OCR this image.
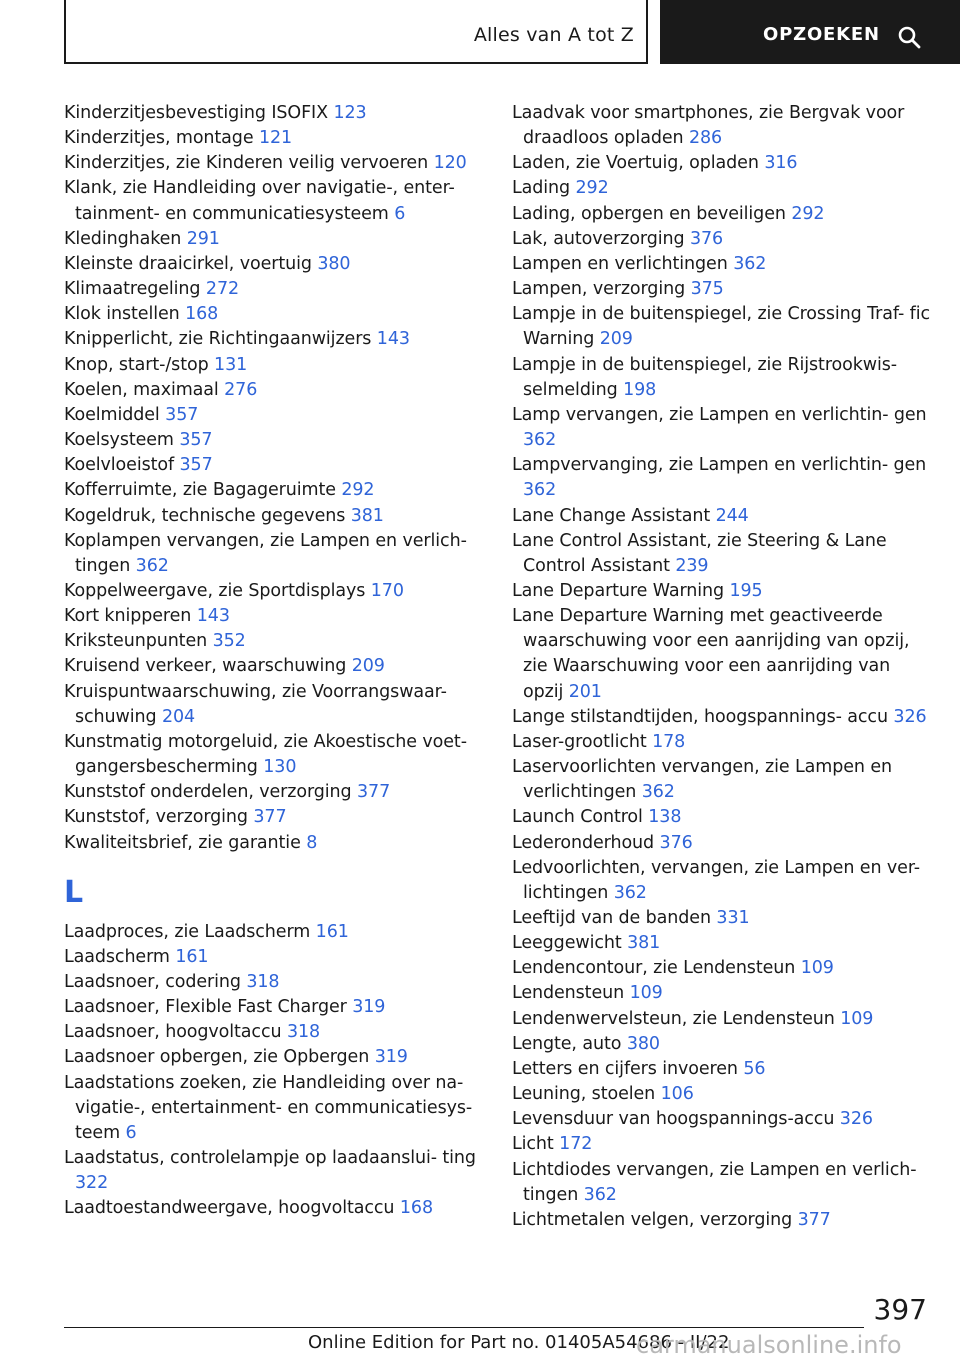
Alles van A tot Z	OPZOEKEN
Kinderzitjesbevestiging ISOFIX 123
Kinderzitjes, montage 121
Kinderzitjes, zie Kinderen veilig vervoeren 120
Klank, zie Handleiding over navigatie-, enter- tainment- en communicatiesysteem 6
Kledinghaken 291
Kleinste draaicirkel, voertuig 380
Klimaatregeling 272
Klok instellen 168
Knipperlicht, zie Richtingaanwijzers 143
Knop, start-/stop 131
Koelen, maximaal 276
Koelmiddel 357
Koelsysteem 357
Koelvloeistof 357
Kofferruimte, zie Bagageruimte 292
Kogeldruk, technische gegevens 381
Koplampen vervangen, zie Lampen en verlich- tingen 362
Koppelweergave, zie Sportdisplays 170
Kort knipperen 143
Kriksteunpunten 352
Kruisend verkeer, waarschuwing 209
Kruispuntwaarschuwing, zie Voorrangswaar- schuwing 204
Kunstmatig motorgeluid, zie Akoestische voet- gangersbescherming 130
Kunststof onderdelen, verzorging 377
Kunststof, verzorging 377
Kwaliteitsbrief, zie garantie 8
L
Laadproces, zie Laadscherm 161
Laadscherm 161
Laadsnoer, codering 318
Laadsnoer, Flexible Fast Charger 319
Laadsnoer, hoogvoltaccu 318
Laadsnoer opbergen, zie Opbergen 319
Laadstations zoeken, zie Handleiding over na- vigatie-, entertainment- en communicatiesys- teem 6
Laadstatus, controlelampje op laadaanslui- ting 322
Laadtoestandweergave, hoogvoltaccu 168
Laadvak voor smartphones, zie Bergvak voor draadloos opladen 286
Laden, zie Voertuig, opladen 316
Lading 292
Lading, opbergen en beveiligen 292
Lak, autoverzorging 376
Lampen en verlichtingen 362
Lampen, verzorging 375
Lampje in de buitenspiegel, zie Crossing Traf- fic Warning 209
Lampje in de buitenspiegel, zie Rijstrookwis- selmelding 198
Lamp vervangen, zie Lampen en verlichtin- gen 362
Lampvervanging, zie Lampen en verlichtin- gen 362
Lane Change Assistant 244
Lane Control Assistant, zie Steering & Lane Control Assistant 239
Lane Departure Warning 195
Lane Departure Warning met geactiveerde waarschuwing voor een aanrijding van opzij, zie Waarschuwing voor een aanrijding van opzij 201
Lange stilstandtijden, hoogspannings- accu 326
Laser-grootlicht 178
Laservoorlichten vervangen, zie Lampen en verlichtingen 362
Launch Control 138
Lederonderhoud 376
Ledvoorlichten, vervangen, zie Lampen en ver- lichtingen 362
Leeftijd van de banden 331
Leeggewicht 381
Lendencontour, zie Lendensteun 109
Lendensteun 109
Lendenwervelsteun, zie Lendensteun 109
Lengte, auto 380
Letters en cijfers invoeren 56
Leuning, stoelen 106
Levensduur van hoogspannings-accu 326
Licht 172
Lichtdiodes vervangen, zie Lampen en verlich- tingen 362
Lichtmetalen velgen, verzorging 377
397
Online Edition for Part no. 01405A54686 - II/22
carmanualsonline.info
